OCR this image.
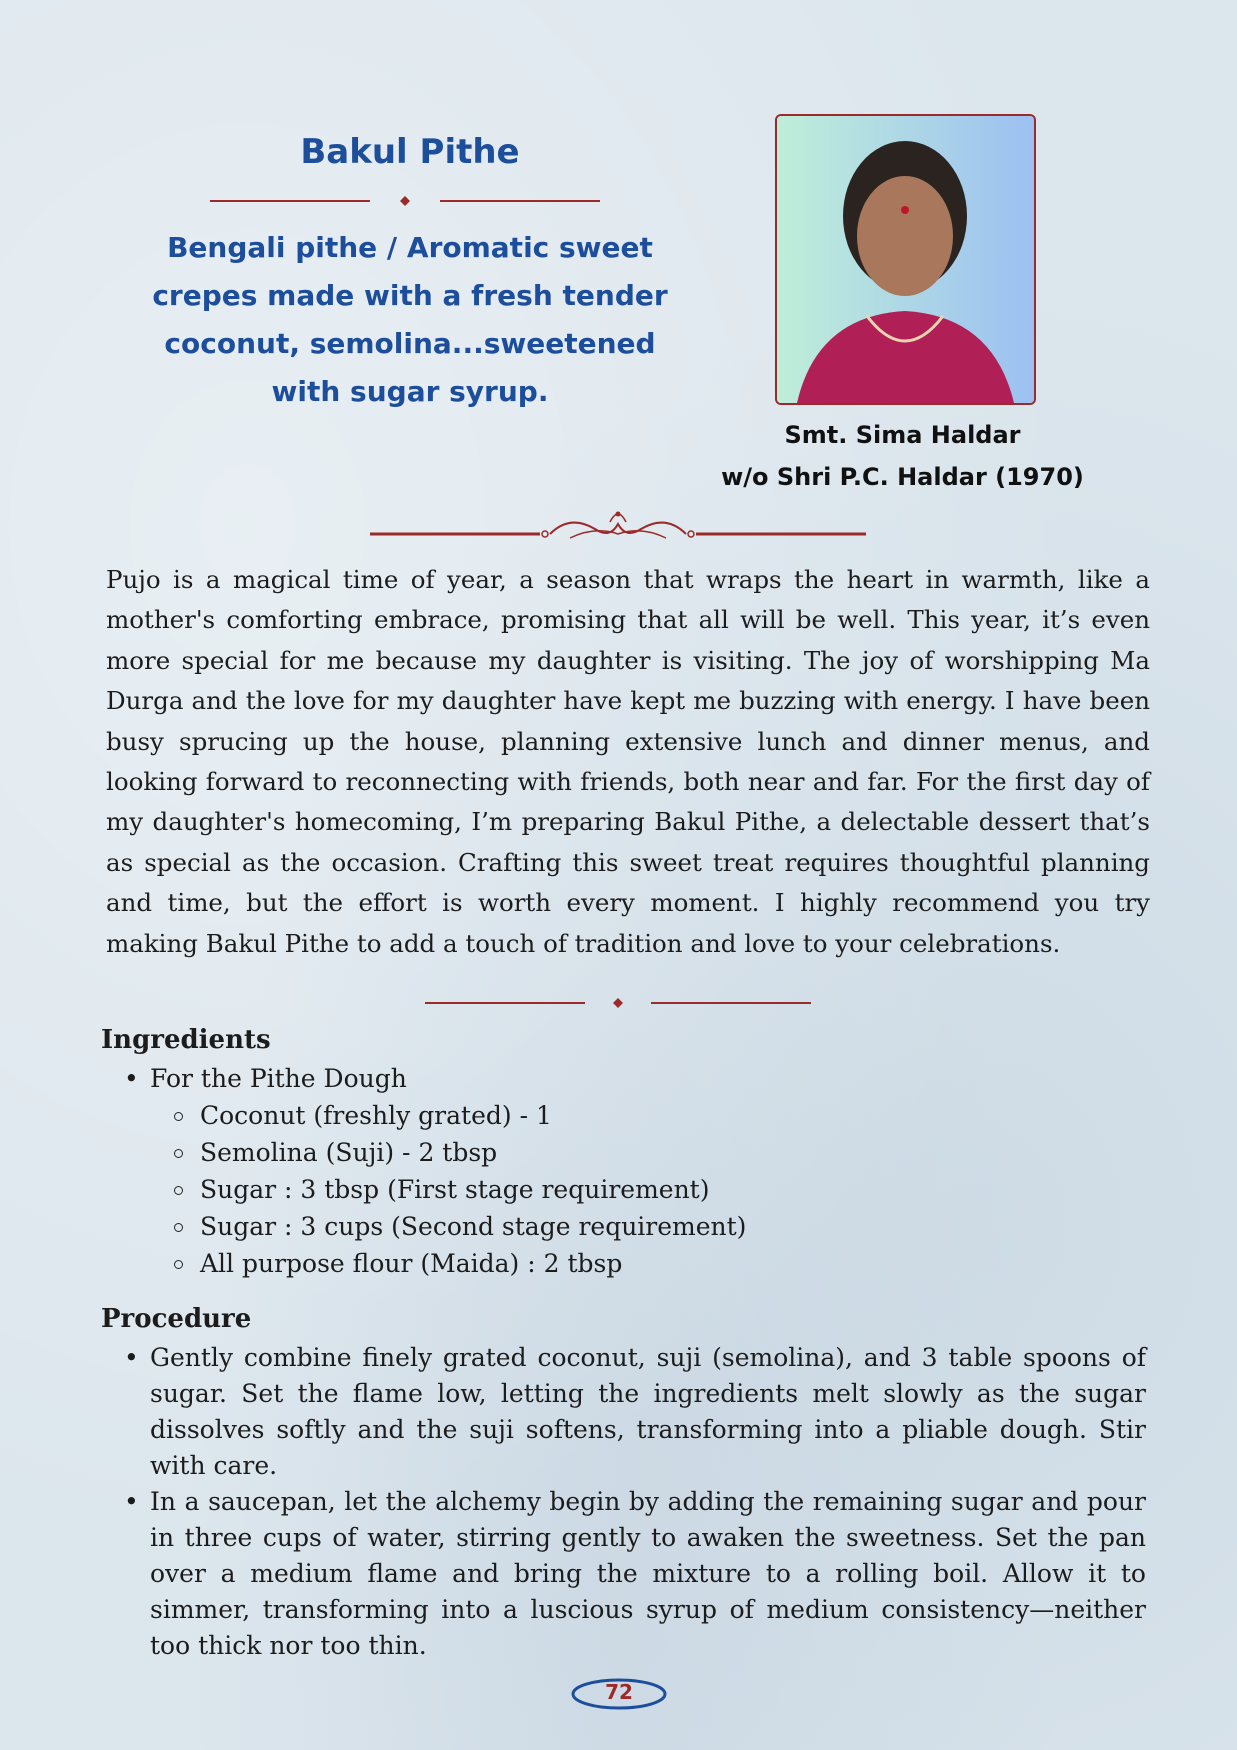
Bakul Pithe
Bengali pithe / Aromatic sweet crepes made with a fresh tender coconut, semolina...sweetened with sugar syrup.
Smt. Sima Haldar
w/o Shri P.C. Haldar (1970)

Pujo is a magical time of year, a season that wraps the heart in warmth, like a mother's comforting embrace, promising that all will be well. This year, it’s even more special for me because my daughter is visiting. The joy of worshipping Ma Durga and the love for my daughter have kept me buzzing with energy. I have been busy sprucing up the house, planning extensive lunch and dinner menus, and looking forward to reconnecting with friends, both near and far. For the first day of my daughter's homecoming, I’m preparing Bakul Pithe, a delectable dessert that’s as special as the occasion. Crafting this sweet treat requires thoughtful planning and time, but the effort is worth every moment. I highly recommend you try making Bakul Pithe to add a touch of tradition and love to your celebrations.

Ingredients
• For the Pithe Dough
Coconut (freshly grated) - 1
Semolina (Suji) - 2 tbsp
Sugar : 3 tbsp (First stage requirement)
Sugar : 3 cups (Second stage requirement)
All purpose flour (Maida) : 2 tbsp
Procedure
• Gently combine finely grated coconut, suji (semolina), and 3 table spoons of sugar. Set the flame low, letting the ingredients melt slowly as the sugar dissolves softly and the suji softens, transforming into a pliable dough. Stir with care.
• In a saucepan, let the alchemy begin by adding the remaining sugar and pour in three cups of water, stirring gently to awaken the sweetness. Set the pan over a medium flame and bring the mixture to a rolling boil. Allow it to simmer, transforming into a luscious syrup of medium consistency—neither too thick nor too thin.
72
